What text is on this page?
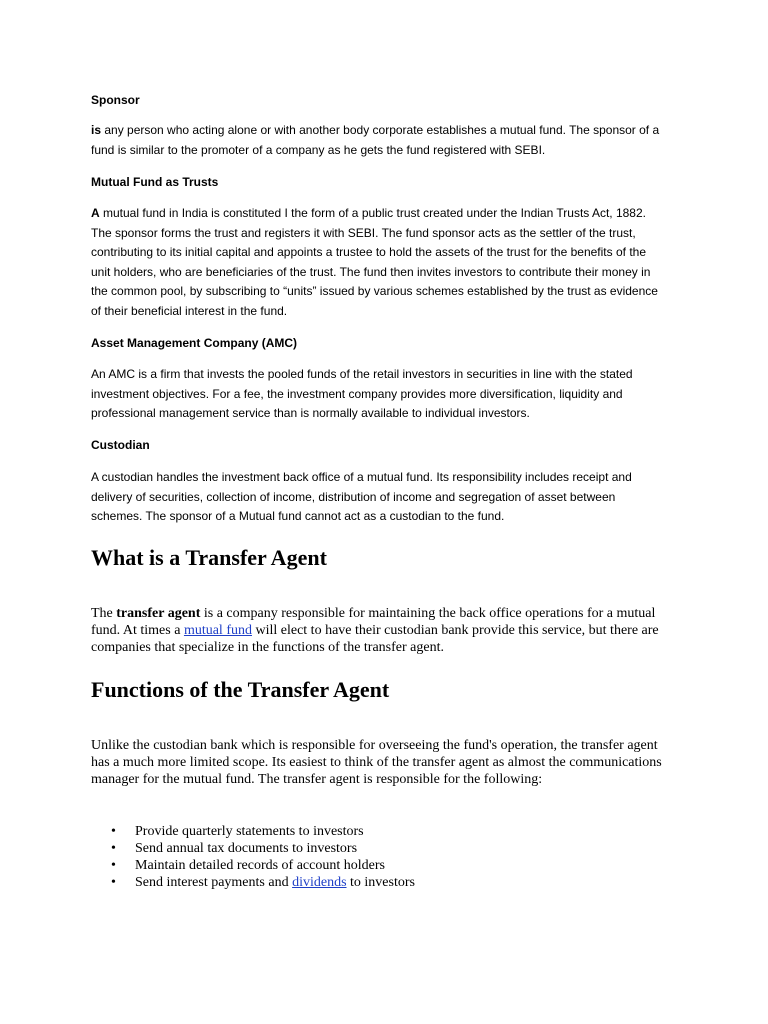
Sponsor

is any person who acting alone or with another body corporate establishes a mutual fund. The sponsor of a fund is similar to the promoter of a company as he gets the fund registered with SEBI.

Mutual Fund as Trusts

A mutual fund in India is constituted I the form of a public trust created under the Indian Trusts Act, 1882. The sponsor forms the trust and registers it with SEBI. The fund sponsor acts as the settler of the trust, contributing to its initial capital and appoints a trustee to hold the assets of the trust for the benefits of the unit holders, who are beneficiaries of the trust. The fund then invites investors to contribute their money in the common pool, by subscribing to “units” issued by various schemes established by the trust as evidence of their beneficial interest in the fund.

Asset Management Company (AMC)

An AMC is a firm that invests the pooled funds of the retail investors in securities in line with the stated investment objectives. For a fee, the investment company provides more diversification, liquidity and professional management service than is normally available to individual investors.

Custodian

A custodian handles the investment back office of a mutual fund. Its responsibility includes receipt and delivery of securities, collection of income, distribution of income and segregation of asset between schemes. The sponsor of a Mutual fund cannot act as a custodian to the fund.

What is a Transfer Agent

The transfer agent is a company responsible for maintaining the back office operations for a mutual fund. At times a mutual fund will elect to have their custodian bank provide this service, but there are companies that specialize in the functions of the transfer agent.

Functions of the Transfer Agent

Unlike the custodian bank which is responsible for overseeing the fund's operation, the transfer agent has a much more limited scope. Its easiest to think of the transfer agent as almost the communications manager for the mutual fund. The transfer agent is responsible for the following:

• Provide quarterly statements to investors
• Send annual tax documents to investors
• Maintain detailed records of account holders
• Send interest payments and dividends to investors
